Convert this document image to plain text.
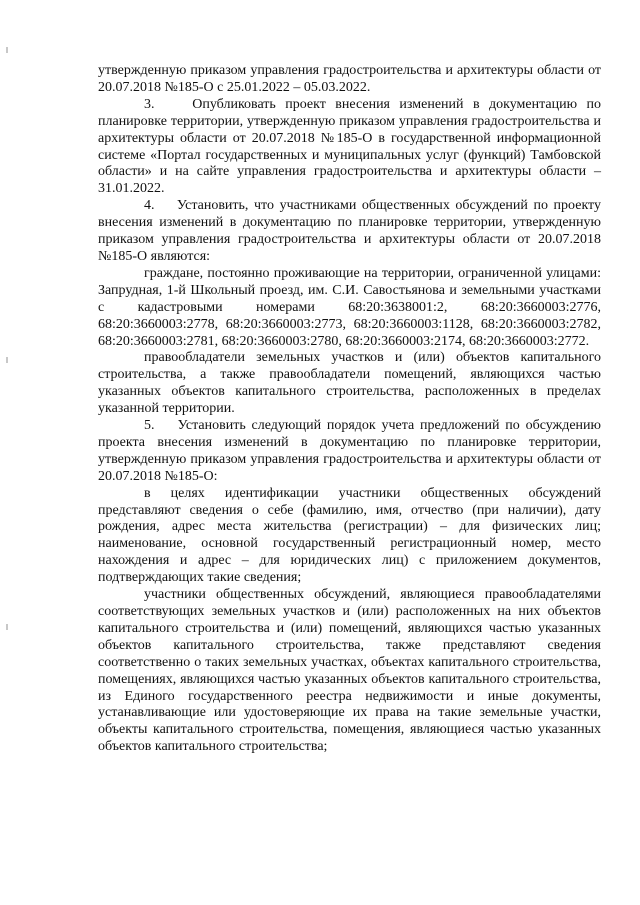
утвержденную приказом управления градостроительства и архитектуры области от 20.07.2018 №185-О с 25.01.2022 – 05.03.2022.

3.    Опубликовать проект внесения изменений в документацию по планировке территории, утвержденную приказом управления градостроительства и архитектуры области от 20.07.2018 №185-О в государственной информационной системе «Портал государственных и муниципальных услуг (функций) Тамбовской области» и на сайте управления градостроительства и архитектуры области – 31.01.2022.

4.    Установить, что участниками общественных обсуждений по проекту внесения изменений в документацию по планировке территории, утвержденную приказом управления градостроительства и архитектуры области от 20.07.2018 №185-О являются:

граждане, постоянно проживающие на территории, ограниченной улицами: Запрудная, 1-й Школьный проезд, им. С.И. Савостьянова и земельными участками с кадастровыми номерами 68:20:3638001:2, 68:20:3660003:2776, 68:20:3660003:2778, 68:20:3660003:2773, 68:20:3660003:1128, 68:20:3660003:2782, 68:20:3660003:2781, 68:20:3660003:2780, 68:20:3660003:2174, 68:20:3660003:2772.

правообладатели земельных участков и (или) объектов капитального строительства, а также правообладатели помещений, являющихся частью указанных объектов капитального строительства, расположенных в пределах указанной территории.

5.    Установить следующий порядок учета предложений по обсуждению проекта внесения изменений в документацию по планировке территории, утвержденную приказом управления градостроительства и архитектуры области от 20.07.2018 №185-О:

в целях идентификации участники общественных обсуждений представляют сведения о себе (фамилию, имя, отчество (при наличии), дату рождения, адрес места жительства (регистрации) – для физических лиц; наименование, основной государственный регистрационный номер, место нахождения и адрес – для юридических лиц) с приложением документов, подтверждающих такие сведения;

участники общественных обсуждений, являющиеся правообладателями соответствующих земельных участков и (или) расположенных на них объектов капитального строительства и (или) помещений, являющихся частью указанных объектов капитального строительства, также представляют сведения соответственно о таких земельных участках, объектах капитального строительства, помещениях, являющихся частью указанных объектов капитального строительства, из Единого государственного реестра недвижимости и иные документы, устанавливающие или удостоверяющие их права на такие земельные участки, объекты капитального строительства, помещения, являющиеся частью указанных объектов капитального строительства;
